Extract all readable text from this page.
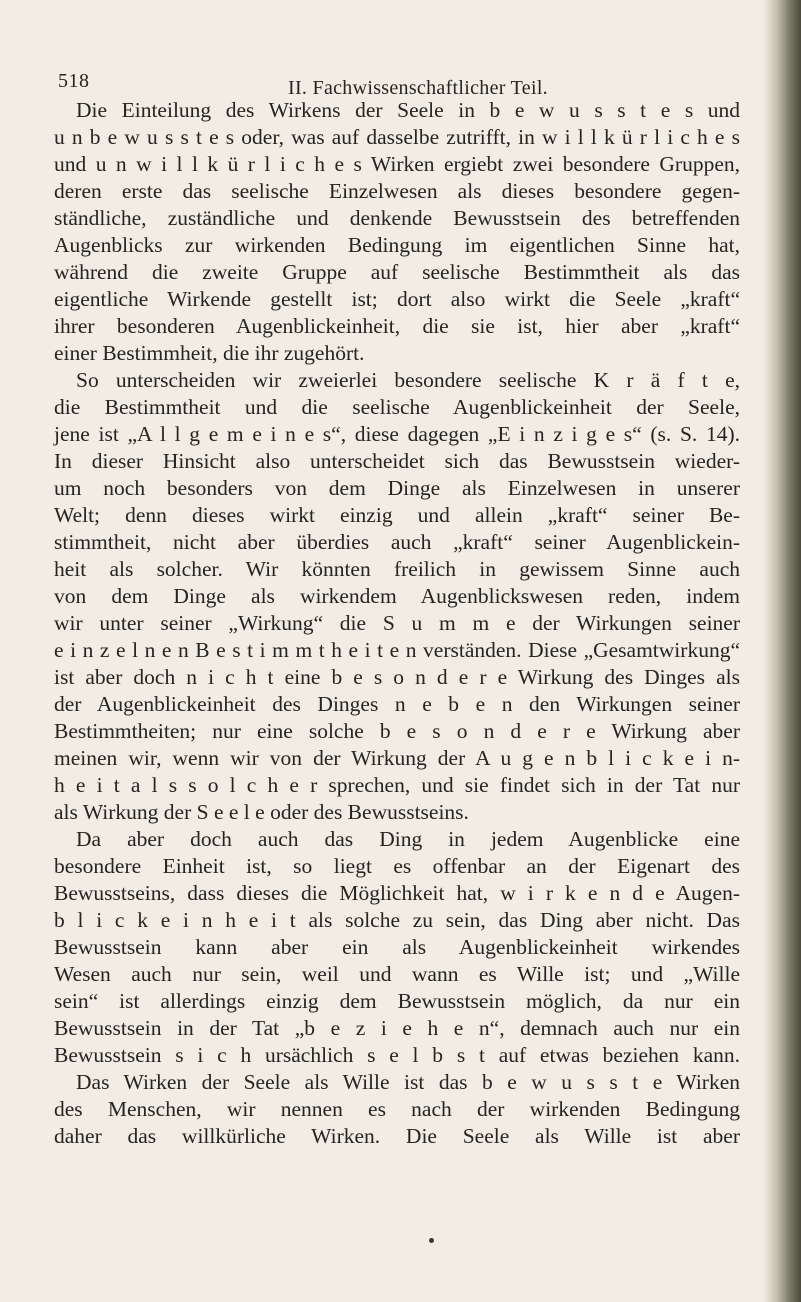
518	II. Fachwissenschaftlicher Teil.
Die Einteilung des Wirkens der Seele in b e w u s s t e s und
u n b e w u s s t e s oder, was auf dasselbe zutrifft, in w i l l k ü r l i c h e s
und u n w i l l k ü r l i c h e s Wirken ergiebt zwei besondere Gruppen,
deren erste das seelische Einzelwesen als dieses besondere gegen-
ständliche, zuständliche und denkende Bewusstsein des betreffenden
Augenblicks zur wirkenden Bedingung im eigentlichen Sinne hat,
während die zweite Gruppe auf seelische Bestimmtheit als das
eigentliche Wirkende gestellt ist; dort also wirkt die Seele „kraft“
ihrer besonderen Augenblickeinheit, die sie ist, hier aber „kraft“
einer Bestimmheit, die ihr zugehört.
So unterscheiden wir zweierlei besondere seelische K r ä f t e,
die Bestimmtheit und die seelische Augenblickeinheit der Seele,
jene ist „A l l g e m e i n e s“, diese dagegen „E i n z i g e s“ (s. S. 14).
In dieser Hinsicht also unterscheidet sich das Bewusstsein wieder-
um noch besonders von dem Dinge als Einzelwesen in unserer
Welt; denn dieses wirkt einzig und allein „kraft“ seiner Be-
stimmtheit, nicht aber überdies auch „kraft“ seiner Augenblickein-
heit als solcher. Wir könnten freilich in gewissem Sinne auch
von dem Dinge als wirkendem Augenblickswesen reden, indem
wir unter seiner „Wirkung“ die S u m m e der Wirkungen seiner
e i n z e l n e n B e s t i m m t h e i t e n verständen. Diese „Gesamtwirkung“
ist aber doch n i c h t eine b e s o n d e r e Wirkung des Dinges als
der Augenblickeinheit des Dinges n e b e n den Wirkungen seiner
Bestimmtheiten; nur eine solche b e s o n d e r e Wirkung aber
meinen wir, wenn wir von der Wirkung der A u g e n b l i c k e i n-
h e i t a l s s o l c h e r sprechen, und sie findet sich in der Tat nur
als Wirkung der S e e l e oder des Bewusstseins.
Da aber doch auch das Ding in jedem Augenblicke eine
besondere Einheit ist, so liegt es offenbar an der Eigenart des
Bewusstseins, dass dieses die Möglichkeit hat, w i r k e n d e Augen-
b l i c k e i n h e i t als solche zu sein, das Ding aber nicht. Das
Bewusstsein kann aber ein als Augenblickeinheit wirkendes
Wesen auch nur sein, weil und wann es Wille ist; und „Wille
sein“ ist allerdings einzig dem Bewusstsein möglich, da nur ein
Bewusstsein in der Tat „b e z i e h e n“, demnach auch nur ein
Bewusstsein s i c h ursächlich s e l b s t auf etwas beziehen kann.
Das Wirken der Seele als Wille ist das b e w u s s t e Wirken
des Menschen, wir nennen es nach der wirkenden Bedingung
daher das willkürliche Wirken. Die Seele als Wille ist aber
